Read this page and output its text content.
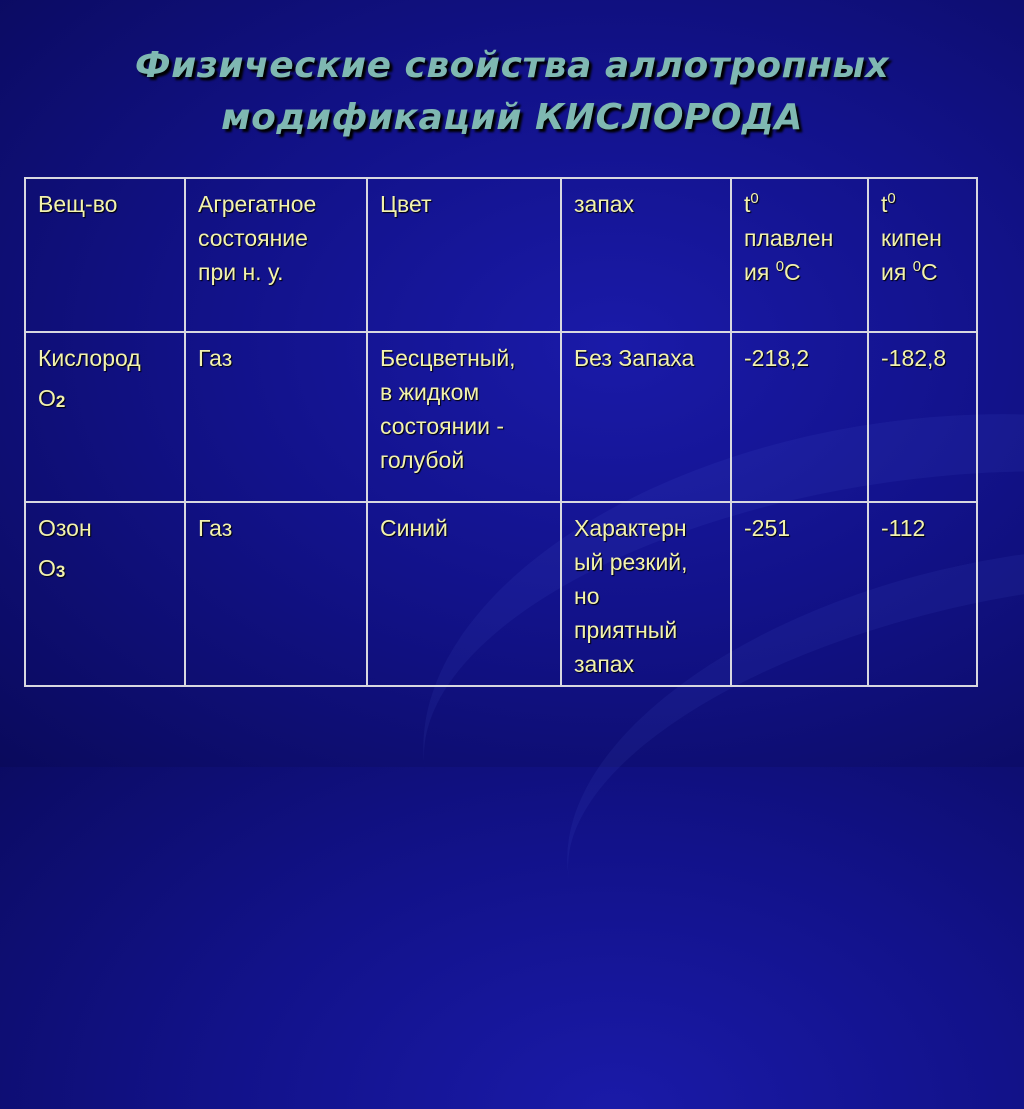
Физические свойства аллотропных
модификаций КИСЛОРОДА
Вещ-во	Агрегатное
состояние
при н. у.	Цвет	запах	$t^0$
плавлен
ия $^0$С	$t^0$
кипен
ия $^0$С

Кислород
O2	Газ	Бесцветный,
в жидком
состоянии -
голубой	Без Запаха	-218,2	-182,8

Озон
O3	Газ	Синий	Характерн
ый резкий,
но
приятный
запах	-251	-112
